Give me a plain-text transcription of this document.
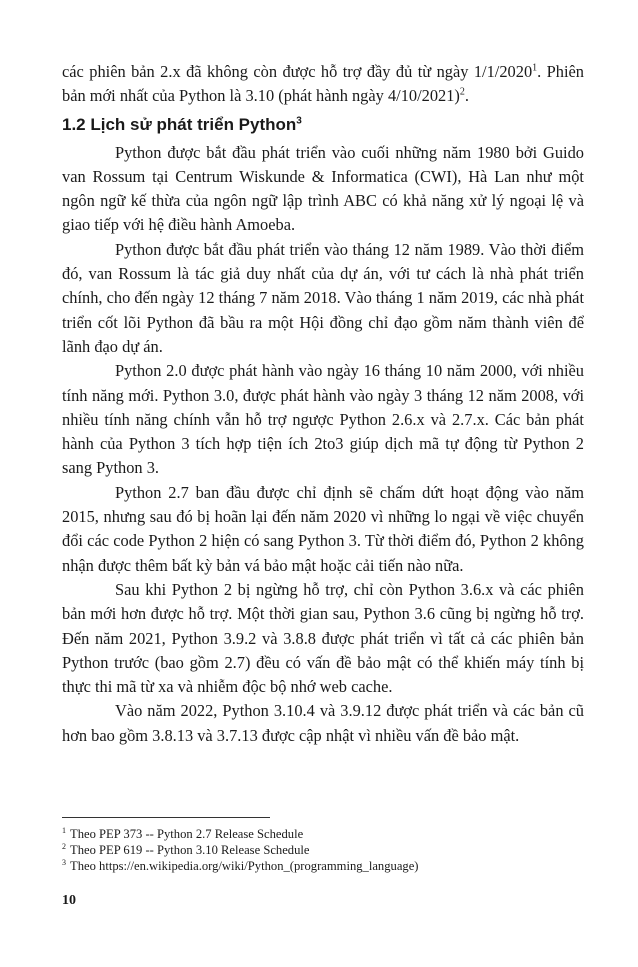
các phiên bản 2.x đã không còn được hỗ trợ đầy đủ từ ngày 1/1/2020$^1$. Phiên bản mới nhất của Python là 3.10 (phát hành ngày 4/10/2021)$^2$.

1.2 Lịch sử phát triển Python$^3$

Python được bắt đầu phát triển vào cuối những năm 1980 bởi Guido van Rossum tại Centrum Wiskunde & Informatica (CWI), Hà Lan như một ngôn ngữ kế thừa của ngôn ngữ lập trình ABC có khả năng xử lý ngoại lệ và giao tiếp với hệ điều hành Amoeba.

Python được bắt đầu phát triển vào tháng 12 năm 1989. Vào thời điểm đó, van Rossum là tác giả duy nhất của dự án, với tư cách là nhà phát triển chính, cho đến ngày 12 tháng 7 năm 2018. Vào tháng 1 năm 2019, các nhà phát triển cốt lõi Python đã bầu ra một Hội đồng chỉ đạo gồm năm thành viên để lãnh đạo dự án.

Python 2.0 được phát hành vào ngày 16 tháng 10 năm 2000, với nhiều tính năng mới. Python 3.0, được phát hành vào ngày 3 tháng 12 năm 2008, với nhiều tính năng chính vẫn hỗ trợ ngược Python 2.6.x và 2.7.x. Các bản phát hành của Python 3 tích hợp tiện ích 2to3 giúp dịch mã tự động từ Python 2 sang Python 3.

Python 2.7 ban đầu được chỉ định sẽ chấm dứt hoạt động vào năm 2015, nhưng sau đó bị hoãn lại đến năm 2020 vì những lo ngại về việc chuyển đổi các code Python 2 hiện có sang Python 3. Từ thời điểm đó, Python 2 không nhận được thêm bất kỳ bản vá bảo mật hoặc cải tiến nào nữa.

Sau khi Python 2 bị ngừng hỗ trợ, chỉ còn Python 3.6.x và các phiên bản mới hơn được hỗ trợ. Một thời gian sau, Python 3.6 cũng bị ngừng hỗ trợ. Đến năm 2021, Python 3.9.2 và 3.8.8 được phát triển vì tất cả các phiên bản Python trước (bao gồm 2.7) đều có vấn đề bảo mật có thể khiến máy tính bị thực thi mã từ xa và nhiễm độc bộ nhớ web cache.

Vào năm 2022, Python 3.10.4 và 3.9.12 được phát triển và các bản cũ hơn bao gồm 3.8.13 và 3.7.13 được cập nhật vì nhiều vấn đề bảo mật.

$^1$ Theo PEP 373 -- Python 2.7 Release Schedule

$^2$ Theo PEP 619 -- Python 3.10 Release Schedule

$^3$ Theo https://en.wikipedia.org/wiki/Python_(programming_language)

10
